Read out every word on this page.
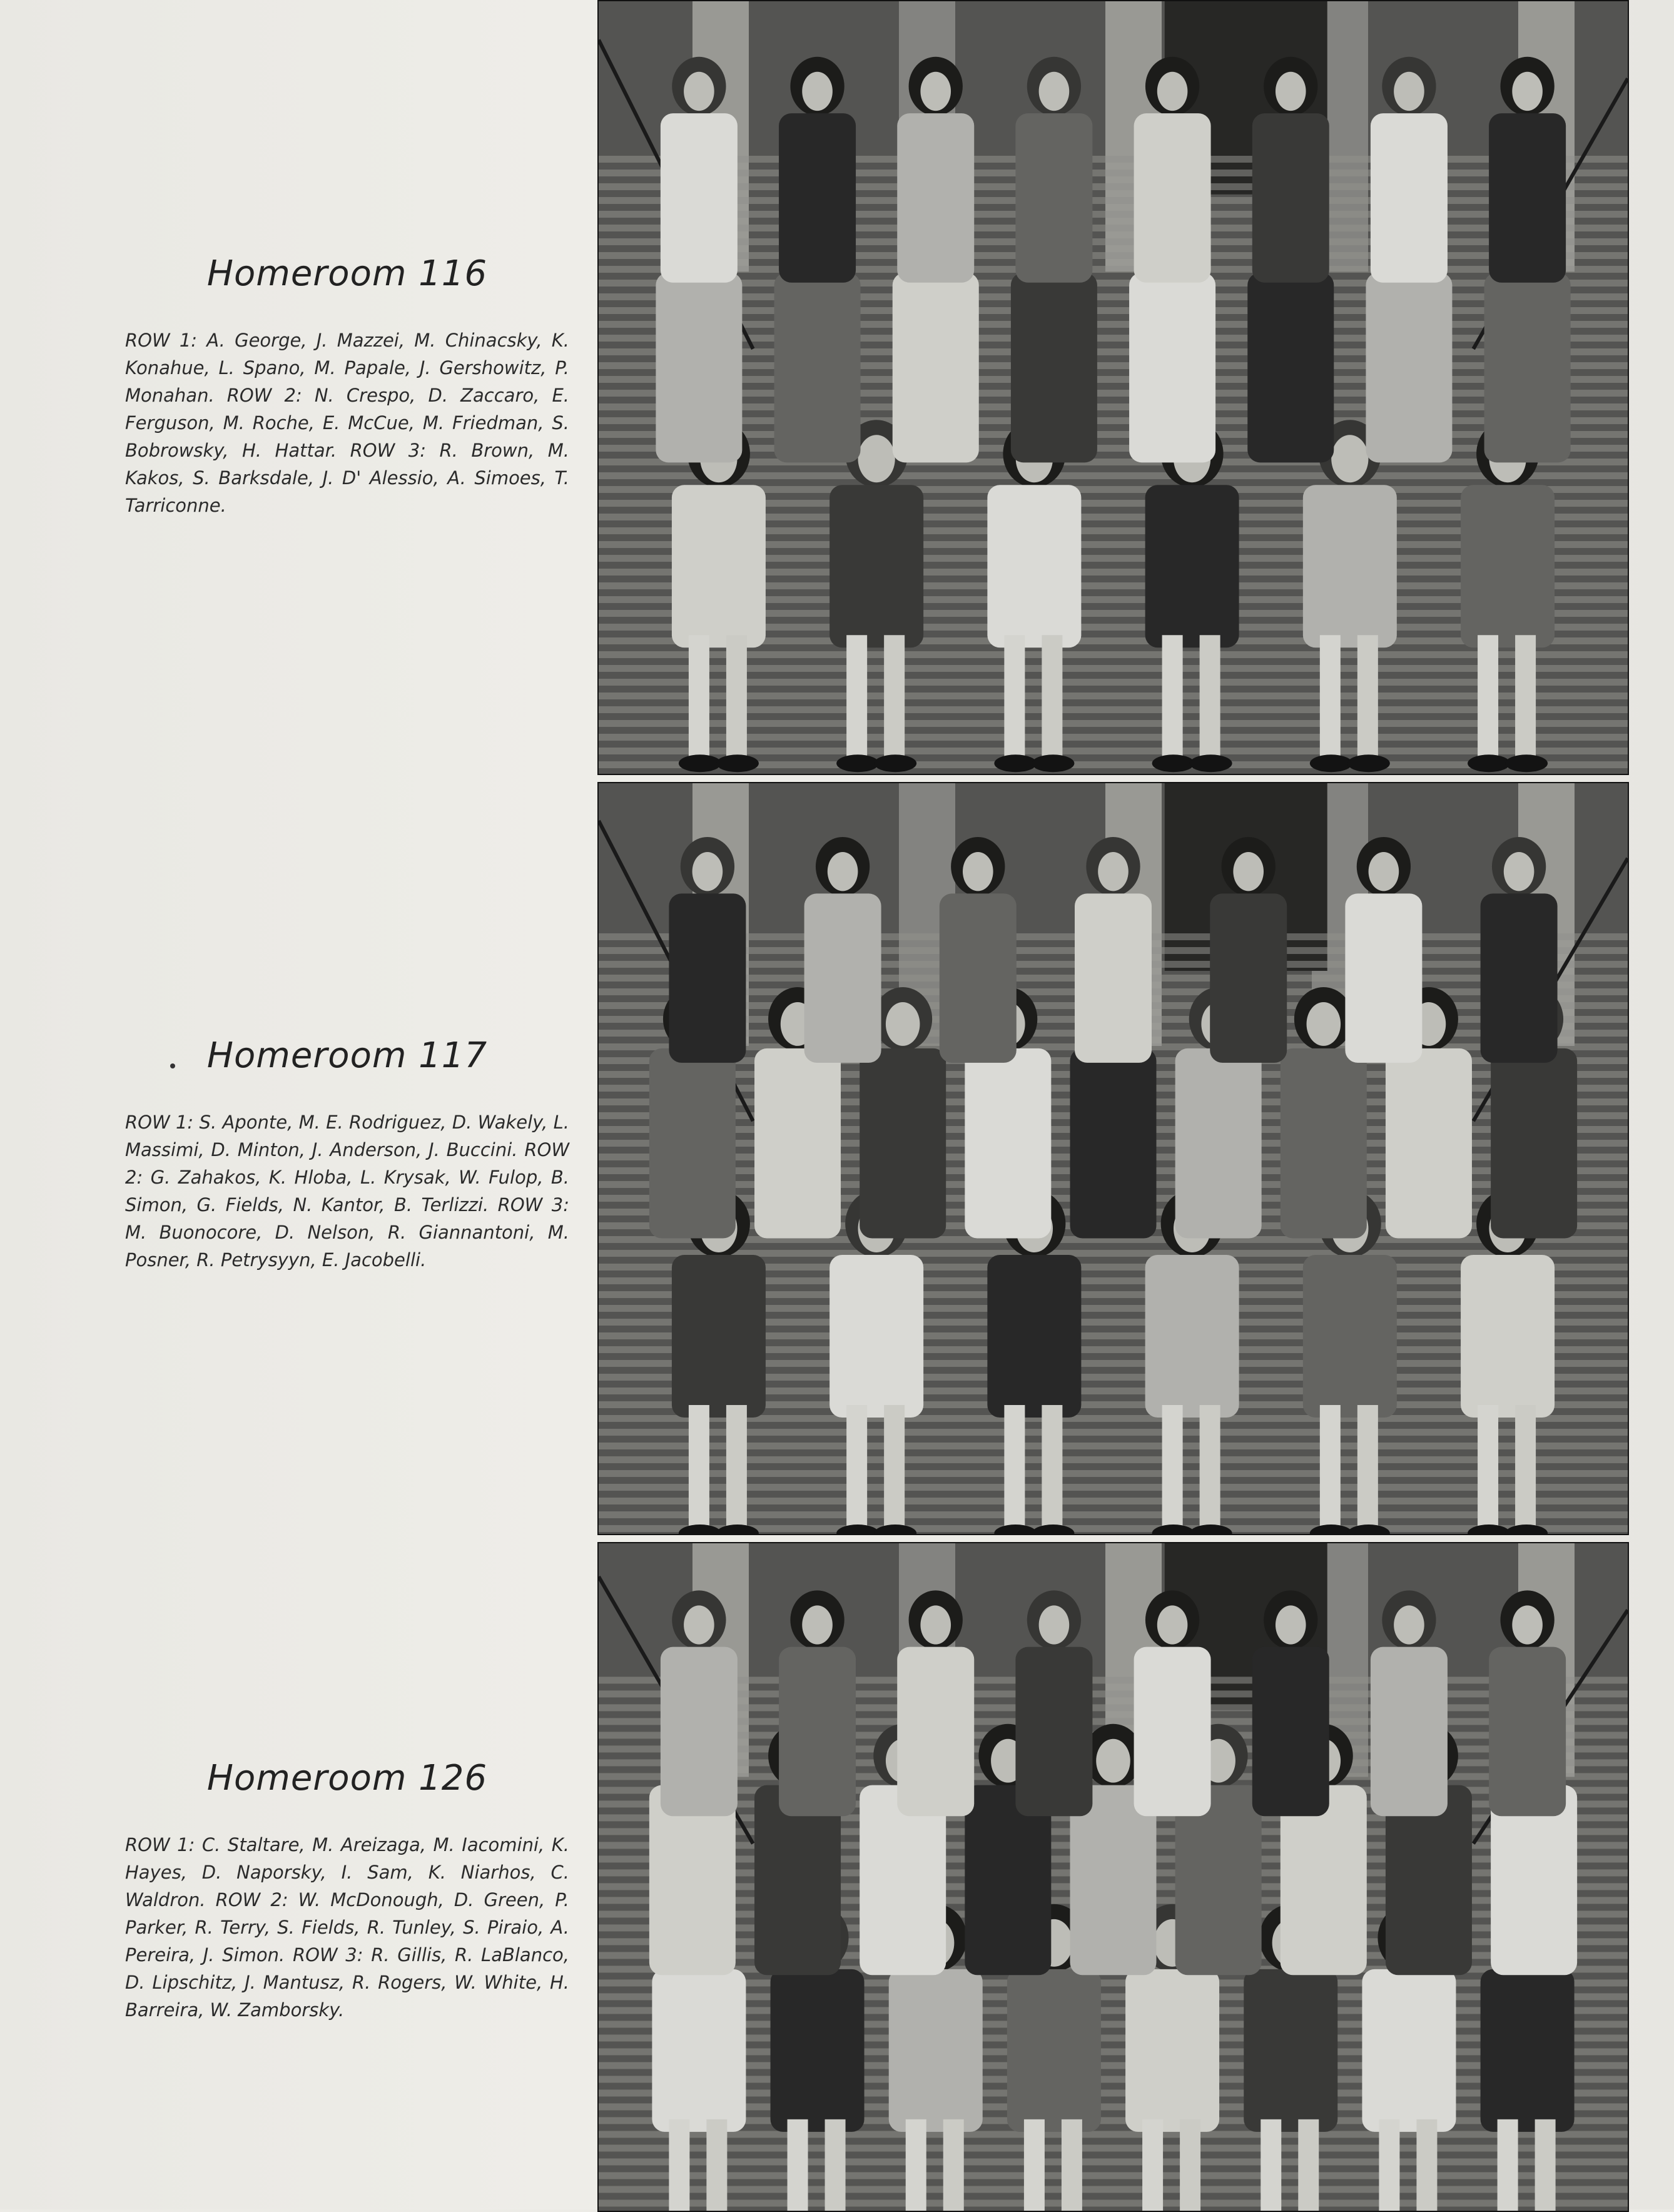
Homeroom 116

ROW 1: A. George, J. Mazzei, M. Chinacsky, K. Konahue, L. Spano, M. Papale, J. Gershowitz, P. Monahan. ROW 2: N. Crespo, D. Zaccaro, E. Ferguson, M. Roche, E. McCue, M. Friedman, S. Bobrowsky, H. Hattar. ROW 3: R. Brown, M. Kakos, S. Barksdale, J. D' Alessio, A. Simoes, T. Tarriconne.

Homeroom 117

ROW 1: S. Aponte, M. E. Rodriguez, D. Wakely, L. Massimi, D. Minton, J. Anderson, J. Buccini. ROW 2: G. Zahakos, K. Hloba, L. Krysak, W. Fulop, B. Simon, G. Fields, N. Kantor, B. Terlizzi. ROW 3: M. Buonocore, D. Nelson, R. Giannantoni, M. Posner, R. Petrysyyn, E. Jacobelli.

Homeroom 126

ROW 1: C. Staltare, M. Areizaga, M. Iacomini, K. Hayes, D. Naporsky, I. Sam, K. Niarhos, C. Waldron. ROW 2: W. McDonough, D. Green, P. Parker, R. Terry, S. Fields, R. Tunley, S. Piraio, A. Pereira, J. Simon. ROW 3: R. Gillis, R. LaBlanco, D. Lipschitz, J. Mantusz, R. Rogers, W. White, H. Barreira, W. Zamborsky.
